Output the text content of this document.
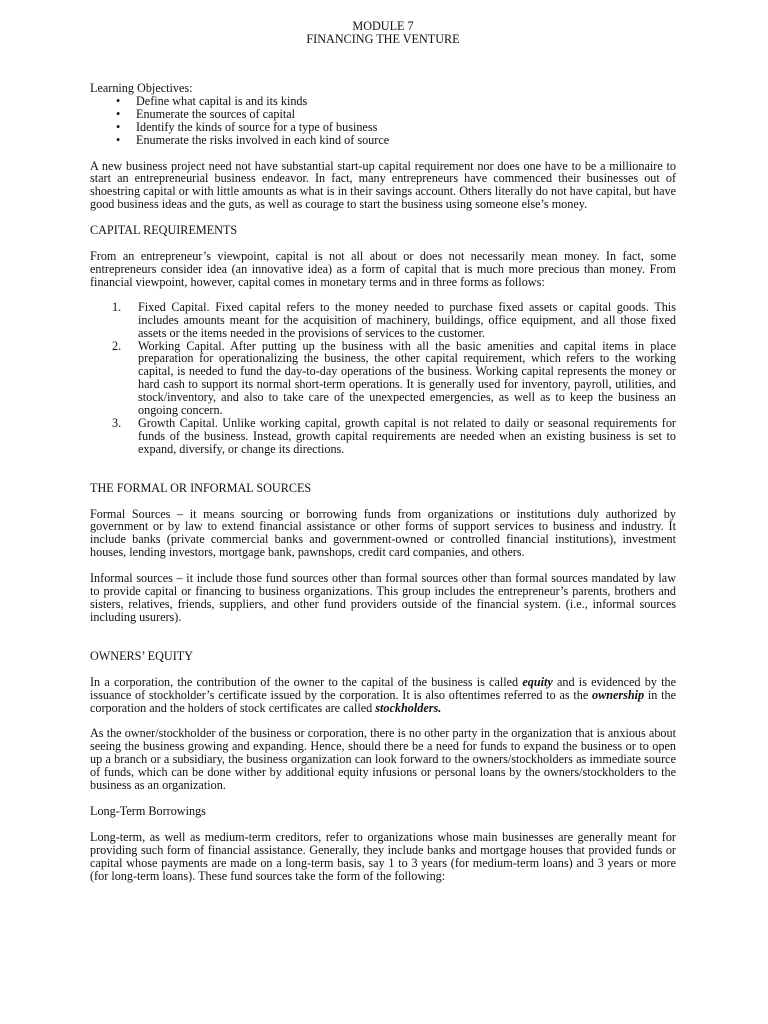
MODULE 7
FINANCING THE VENTURE

Learning Objectives:

• Define what capital is and its kinds
• Enumerate the sources of capital
• Identify the kinds of source for a type of business
• Enumerate the risks involved in each kind of source

A new business project need not have substantial start-up capital requirement nor does one have to be a millionaire to start an entrepreneurial business endeavor. In fact, many entrepreneurs have commenced their businesses out of shoestring capital or with little amounts as what is in their savings account. Others literally do not have capital, but have good business ideas and the guts, as well as courage to start the business using someone else’s money.

CAPITAL REQUIREMENTS

From an entrepreneur’s viewpoint, capital is not all about or does not necessarily mean money. In fact, some entrepreneurs consider idea (an innovative idea) as a form of capital that is much more precious than money. From financial viewpoint, however, capital comes in monetary terms and in three forms as follows:

1. Fixed Capital. Fixed capital refers to the money needed to purchase fixed assets or capital goods. This includes amounts meant for the acquisition of machinery, buildings, office equipment, and all those fixed assets or the items needed in the provisions of services to the customer.
2. Working Capital. After putting up the business with all the basic amenities and capital items in place preparation for operationalizing the business, the other capital requirement, which refers to the working capital, is needed to fund the day-to-day operations of the business. Working capital represents the money or hard cash to support its normal short-term operations. It is generally used for inventory, payroll, utilities, and stock/inventory, and also to take care of the unexpected emergencies, as well as to keep the business an ongoing concern.
3. Growth Capital. Unlike working capital, growth capital is not related to daily or seasonal requirements for funds of the business. Instead, growth capital requirements are needed when an existing business is set to expand, diversify, or change its directions.

THE FORMAL OR INFORMAL SOURCES

Formal Sources – it means sourcing or borrowing funds from organizations or institutions duly authorized by government or by law to extend financial assistance or other forms of support services to business and industry. It include banks (private commercial banks and government-owned or controlled financial institutions), investment houses, lending investors, mortgage bank, pawnshops, credit card companies, and others.

Informal sources – it include those fund sources other than formal sources other than formal sources mandated by law to provide capital or financing to business organizations. This group includes the entrepreneur’s parents, brothers and sisters, relatives, friends, suppliers, and other fund providers outside of the financial system. (i.e., informal sources including usurers).

OWNERS’ EQUITY

In a corporation, the contribution of the owner to the capital of the business is called equity and is evidenced by the issuance of stockholder’s certificate issued by the corporation. It is also oftentimes referred to as the ownership in the corporation and the holders of stock certificates are called stockholders.

As the owner/stockholder of the business or corporation, there is no other party in the organization that is anxious about seeing the business growing and expanding. Hence, should there be a need for funds to expand the business or to open up a branch or a subsidiary, the business organization can look forward to the owners/stockholders as immediate source of funds, which can be done wither by additional equity infusions or personal loans by the owners/stockholders to the business as an organization.

Long-Term Borrowings

Long-term, as well as medium-term creditors, refer to organizations whose main businesses are generally meant for providing such form of financial assistance. Generally, they include banks and mortgage houses that provided funds or capital whose payments are made on a long-term basis, say 1 to 3 years (for medium-term loans) and 3 years or more (for long-term loans). These fund sources take the form of the following:
